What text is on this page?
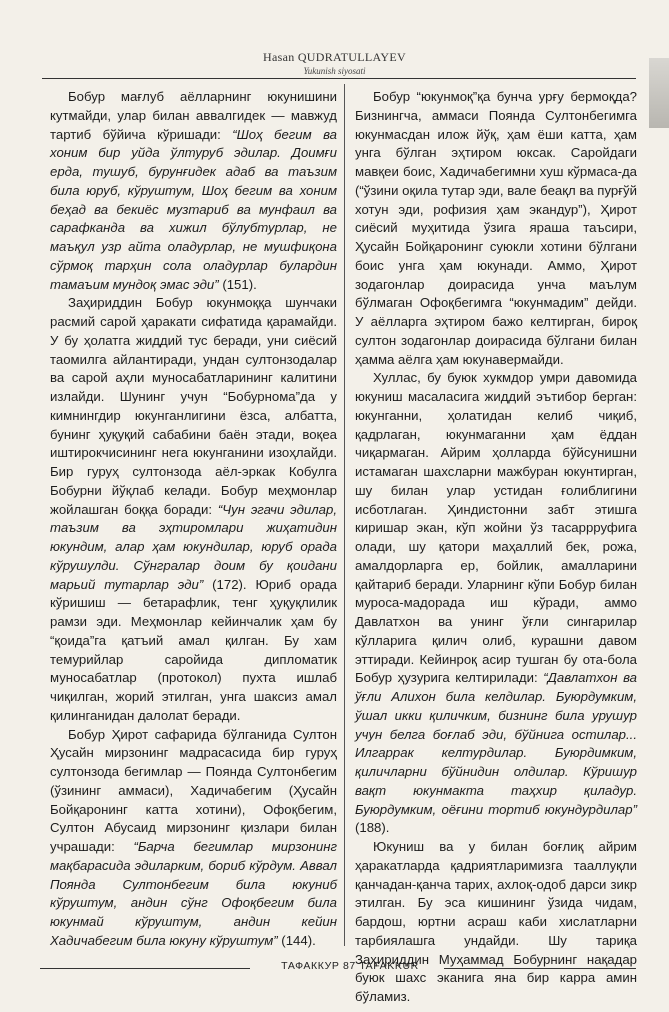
Hasan QUDRATULLAYEV
Yukunish siyosati

Бобур мағлуб аёлларнинг юкунишини кутмайди, улар билан аввалгидек — мавжуд тартиб бўйича кўришади: “Шоҳ бегим ва хоним бир уйда ўлтуруб эдилар. Доимғи ерда, тушуб, бурунғидек адаб ва таъзим била юруб, кўруштум, Шоҳ бегим ва хоним беҳад ва бекиёс музтариб ва мунфаил ва сарафканда ва хижил бўлубтурлар, не маъқул узр айта оладурлар, не мушфиқона сўрмоқ тарҳин сола оладурлар булардин тамаъим мундоқ эмас эди” (151).

Заҳириддин Бобур юкунмоққа шунчаки расмий сарой ҳаракати сифатида қарамайди. У бу ҳолатга жиддий тус беради, уни сиёсий таомилга айлантиради, ундан султонзодалар ва сарой аҳли муносабатларининг калитини излайди. Шунинг учун “Бобурнома”да у кимнингдир юкунганлигини ёзса, албатта, бунинг ҳуқуқий сабабини баён этади, воқеа иштирокчисининг нега юкунганини изоҳлайди. Бир гуруҳ султонзода аёл-эркак Кобулга Бобурни йўқлаб келади. Бобур меҳмонлар жойлашган боққа боради: “Чун эгачи эдилар, таъзим ва эҳтиромлари жиҳатидин юкундим, алар ҳам юкундилар, юруб орада кўрушулди. Сўнгралар доим бу қоидани марьий тутарлар эди” (172). Юриб орада кўришиш — бетарафлик, тенг ҳуқуқлилик рамзи эди. Меҳмонлар кейинчалик ҳам бу “қоида”га қатъий амал қилган. Бу хам темурийлар саройида дипломатик муносабатлар (протокол) пухта ишлаб чиқилган, жорий этилган, унга шаксиз амал қилинганидан далолат беради.

Бобур Ҳирот сафарида бўлганида Султон Ҳусайн мирзонинг мадрасасида бир гуруҳ султонзода бегимлар — Поянда Султонбегим (ўзининг аммаси), Хадичабегим (Ҳусайн Бойқаронинг катта хотини), Офоқбегим, Султон Абусаид мирзонинг қизлари билан учрашади: “Барча бегимлар мирзонинг мақбарасида эдиларким, бориб кўрдум. Аввал Поянда Султонбегим била юкуниб кўруштум, андин сўнг Офоқбегим била юкунмай кўруштум, андин кейин Хадичабегим била юкуну кўруштум” (144).

Бобур “юкунмоқ”қа бунча урғу бермоқда? Бизнингча, аммаси Поянда Султонбегимга юкунмасдан илож йўқ, ҳам ёши катта, ҳам унга бўлган эҳтиром юксак. Саройдаги мавқеи боис, Хадичабегимни хуш кўрмаса-да (“ўзини оқила тутар эди, вале беақл ва пурғўй хотун эди, рофизия ҳам экандур”), Ҳирот сиёсий муҳитида ўзига яраша таъсири, Ҳусайн Бойқаронинг суюкли хотини бўлгани боис унга ҳам юкунади. Аммо, Ҳирот зодагонлар доирасида унча маълум бўлмаган Офоқбегимга “юкунмадим” дейди. У аёлларга эҳтиром бажо келтирган, бироқ султон зодагонлар доирасида бўлгани билан ҳамма аёлга ҳам юкунавермайди.

Хуллас, бу буюк хукмдор умри давомида юкуниш масаласига жиддий эътибор берган: юкунганни, ҳолатидан келиб чиқиб, қадрлаган, юкунмаганни ҳам ёддан чиқармаган. Айрим ҳолларда бўйсунишни истамаган шахсларни мажбуран юкунтирган, шу билан улар устидан ғолиблигини исботлаган. Ҳиндистонни забт этишга киришар экан, кўп жойни ўз тасаррруфига олади, шу қатори маҳаллий бек, рожа, амалдорларга ер, бойлик, амалларини қайтариб беради. Уларнинг кўпи Бобур билан муроса-мадорада иш кўради, аммо Давлатхон ва унинг ўғли сингарилар кўлларига қилич олиб, курашни давом эттиради. Кейинроқ асир тушган бу ота-бола Бобур ҳузурига келтирилади: “Давлатхон ва ўғли Алихон била келдилар. Буюрдумким, ўшал икки қиличким, бизнинг била урушур учун белга боғлаб эди, бўйнига остилар... Илгаррак келтурдилар. Буюрдимким, қиличларни бўйнидин олдилар. Кўришур вақт юкунмакта таҳхир қиладур. Буюрдумким, оёғини тортиб юкундурдилар” (188).

Юкуниш ва у билан боғлиқ айрим ҳаракатларда қадриятларимизга тааллуқли қанчадан-қанча тарих, ахлоқ-одоб дарси зикр этилган. Бу эса кишининг ўзида чидам, бардош, юртни асраш каби хислатларни тарбиялашга ундайди. Шу тариқа Заҳириддин Муҳаммад Бобурнинг нақадар буюк шахс эканига яна бир карра амин бўламиз.

ТАФАККУР 87 TAFAKKUR
